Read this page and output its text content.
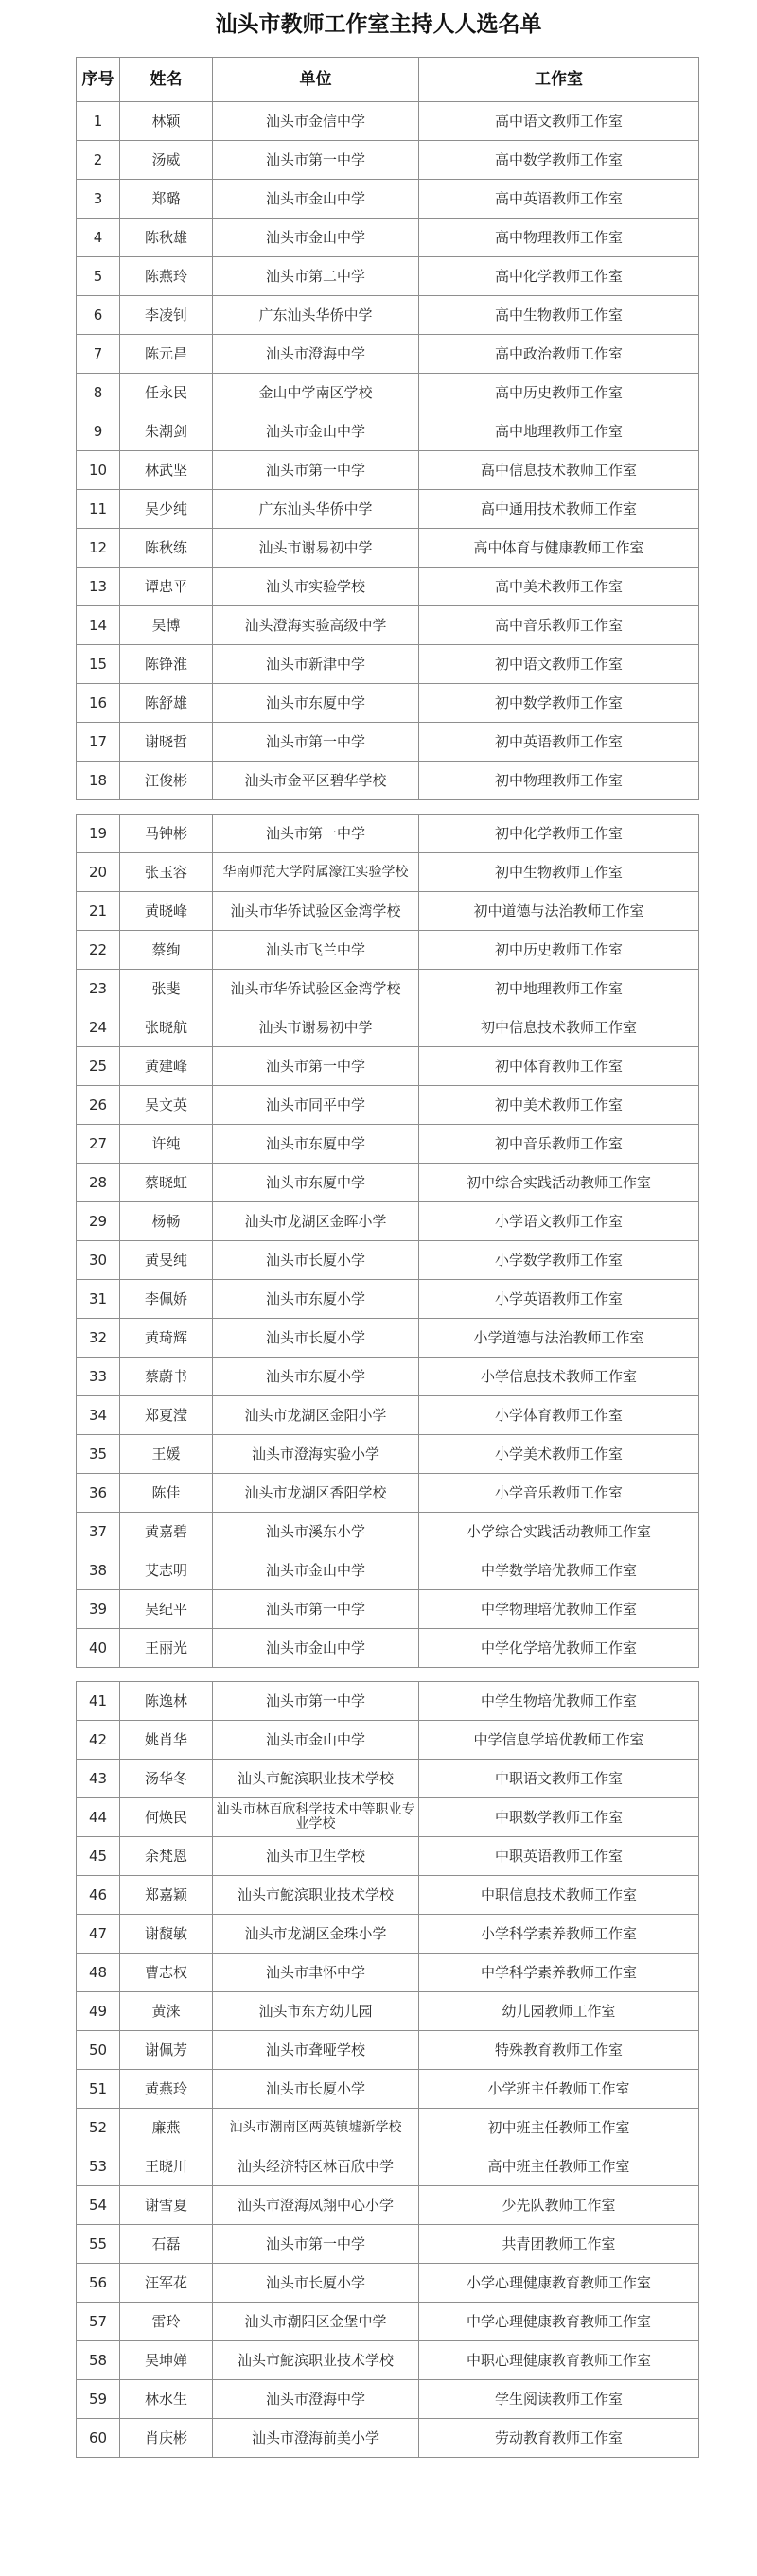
汕头市教师工作室主持人人选名单
序号	姓名	单位	工作室
1	林颖	汕头市金信中学	高中语文教师工作室
2	汤威	汕头市第一中学	高中数学教师工作室
3	郑璐	汕头市金山中学	高中英语教师工作室
4	陈秋雄	汕头市金山中学	高中物理教师工作室
5	陈燕玲	汕头市第二中学	高中化学教师工作室
6	李凌钊	广东汕头华侨中学	高中生物教师工作室
7	陈元昌	汕头市澄海中学	高中政治教师工作室
8	任永民	金山中学南区学校	高中历史教师工作室
9	朱潮剑	汕头市金山中学	高中地理教师工作室
10	林武坚	汕头市第一中学	高中信息技术教师工作室
11	吴少纯	广东汕头华侨中学	高中通用技术教师工作室
12	陈秋练	汕头市谢易初中学	高中体育与健康教师工作室
13	谭忠平	汕头市实验学校	高中美术教师工作室
14	吴博	汕头澄海实验高级中学	高中音乐教师工作室
15	陈铮淮	汕头市新津中学	初中语文教师工作室
16	陈舒雄	汕头市东厦中学	初中数学教师工作室
17	谢晓哲	汕头市第一中学	初中英语教师工作室
18	汪俊彬	汕头市金平区碧华学校	初中物理教师工作室

19	马钟彬	汕头市第一中学	初中化学教师工作室
20	张玉容	华南师范大学附属濠江实验学校	初中生物教师工作室
21	黄晓峰	汕头市华侨试验区金湾学校	初中道德与法治教师工作室
22	蔡绚	汕头市飞兰中学	初中历史教师工作室
23	张斐	汕头市华侨试验区金湾学校	初中地理教师工作室
24	张晓航	汕头市谢易初中学	初中信息技术教师工作室
25	黄建峰	汕头市第一中学	初中体育教师工作室
26	吴文英	汕头市同平中学	初中美术教师工作室
27	许纯	汕头市东厦中学	初中音乐教师工作室
28	蔡晓虹	汕头市东厦中学	初中综合实践活动教师工作室
29	杨畅	汕头市龙湖区金晖小学	小学语文教师工作室
30	黄旻纯	汕头市长厦小学	小学数学教师工作室
31	李佩娇	汕头市东厦小学	小学英语教师工作室
32	黄琦辉	汕头市长厦小学	小学道德与法治教师工作室
33	蔡蔚书	汕头市东厦小学	小学信息技术教师工作室
34	郑夏滢	汕头市龙湖区金阳小学	小学体育教师工作室
35	王媛	汕头市澄海实验小学	小学美术教师工作室
36	陈佳	汕头市龙湖区香阳学校	小学音乐教师工作室
37	黄嘉碧	汕头市溪东小学	小学综合实践活动教师工作室
38	艾志明	汕头市金山中学	中学数学培优教师工作室
39	吴纪平	汕头市第一中学	中学物理培优教师工作室
40	王丽光	汕头市金山中学	中学化学培优教师工作室

41	陈逸林	汕头市第一中学	中学生物培优教师工作室
42	姚肖华	汕头市金山中学	中学信息学培优教师工作室
43	汤华冬	汕头市鮀滨职业技术学校	中职语文教师工作室
44	何焕民	汕头市林百欣科学技术中等职业专业学校	中职数学教师工作室
45	余梵恩	汕头市卫生学校	中职英语教师工作室
46	郑嘉颖	汕头市鮀滨职业技术学校	中职信息技术教师工作室
47	谢馥敏	汕头市龙湖区金珠小学	小学科学素养教师工作室
48	曹志权	汕头市聿怀中学	中学科学素养教师工作室
49	黄涞	汕头市东方幼儿园	幼儿园教师工作室
50	谢佩芳	汕头市聋哑学校	特殊教育教师工作室
51	黄燕玲	汕头市长厦小学	小学班主任教师工作室
52	廉燕	汕头市潮南区两英镇墟新学校	初中班主任教师工作室
53	王晓川	汕头经济特区林百欣中学	高中班主任教师工作室
54	谢雪夏	汕头市澄海凤翔中心小学	少先队教师工作室
55	石磊	汕头市第一中学	共青团教师工作室
56	汪军花	汕头市长厦小学	小学心理健康教育教师工作室
57	雷玲	汕头市潮阳区金堡中学	中学心理健康教育教师工作室
58	吴坤婵	汕头市鮀滨职业技术学校	中职心理健康教育教师工作室
59	林水生	汕头市澄海中学	学生阅读教师工作室
60	肖庆彬	汕头市澄海前美小学	劳动教育教师工作室
